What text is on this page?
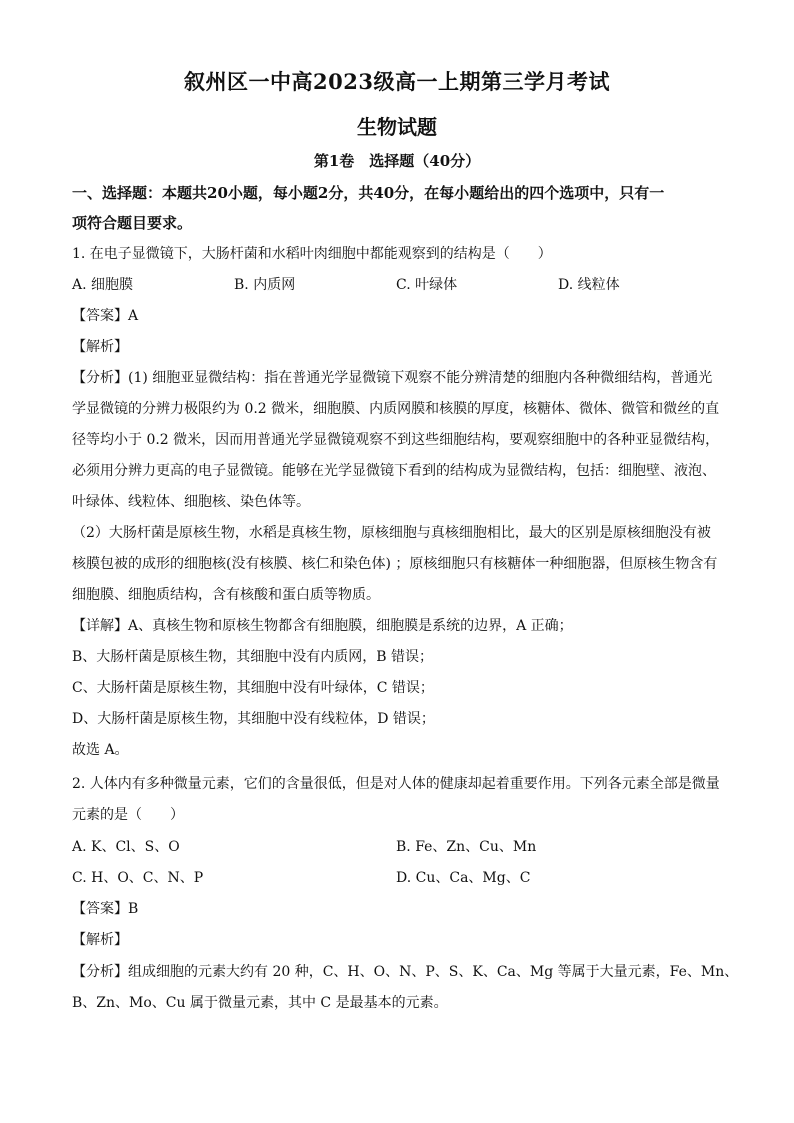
叙州区一中高2023级高一上期第三学月考试
生物试题
第1卷　选择题（40分）
一、选择题：本题共20小题，每小题2分，共40分，在每小题给出的四个选项中，只有一
项符合题目要求。
1. 在电子显微镜下，大肠杆菌和水稻叶肉细胞中都能观察到的结构是（　　）
A. 细胞膜	B. 内质网	C. 叶绿体	D. 线粒体
【答案】A
【解析】
【分析】(1) 细胞亚显微结构：指在普通光学显微镜下观察不能分辨清楚的细胞内各种微细结构，普通光
学显微镜的分辨力极限约为 0.2 微米，细胞膜、内质网膜和核膜的厚度，核糖体、微体、微管和微丝的直
径等均小于 0.2 微米，因而用普通光学显微镜观察不到这些细胞结构，要观察细胞中的各种亚显微结构，
必须用分辨力更高的电子显微镜。能够在光学显微镜下看到的结构成为显微结构，包括：细胞壁、液泡、
叶绿体、线粒体、细胞核、染色体等。
（2）大肠杆菌是原核生物，水稻是真核生物，原核细胞与真核细胞相比，最大的区别是原核细胞没有被
核膜包被的成形的细胞核(没有核膜、核仁和染色体) ；原核细胞只有核糖体一种细胞器，但原核生物含有
细胞膜、细胞质结构，含有核酸和蛋白质等物质。
【详解】A、真核生物和原核生物都含有细胞膜，细胞膜是系统的边界，A 正确；
B、大肠杆菌是原核生物，其细胞中没有内质网，B 错误；
C、大肠杆菌是原核生物，其细胞中没有叶绿体，C 错误；
D、大肠杆菌是原核生物，其细胞中没有线粒体，D 错误；
故选 A。
2. 人体内有多种微量元素，它们的含量很低，但是对人体的健康却起着重要作用。下列各元素全部是微量
元素的是（　　）
A. K、Cl、S、O	B. Fe、Zn、Cu、Mn
C. H、O、C、N、P	D. Cu、Ca、Mg、C
【答案】B
【解析】
【分析】组成细胞的元素大约有 20 种，C、H、O、N、P、S、K、Ca、Mg 等属于大量元素，Fe、Mn、
B、Zn、Mo、Cu 属于微量元素，其中 C 是最基本的元素。
